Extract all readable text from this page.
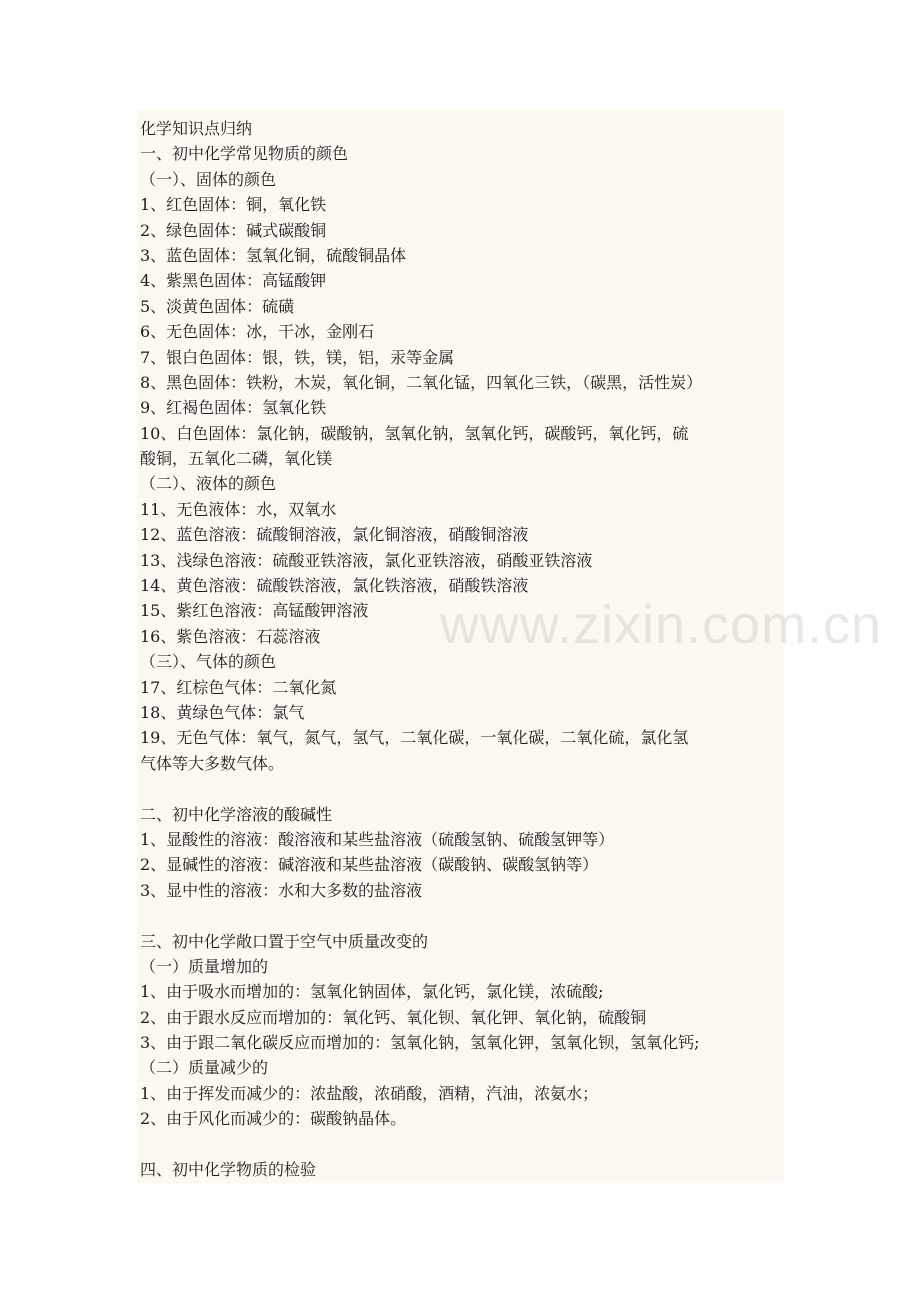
化学知识点归纳
一、初中化学常见物质的颜色
（一）、固体的颜色
1、红色固体：铜，氧化铁
2、绿色固体：碱式碳酸铜
3、蓝色固体：氢氧化铜，硫酸铜晶体
4、紫黑色固体：高锰酸钾
5、淡黄色固体：硫磺
6、无色固体：冰，干冰，金刚石
7、银白色固体：银，铁，镁，铝，汞等金属
8、黑色固体：铁粉，木炭，氧化铜，二氧化锰，四氧化三铁，（碳黑，活性炭）
9、红褐色固体：氢氧化铁
10、白色固体：氯化钠，碳酸钠，氢氧化钠，氢氧化钙，碳酸钙，氧化钙，硫
酸铜，五氧化二磷，氧化镁
（二）、液体的颜色
11、无色液体：水，双氧水
12、蓝色溶液：硫酸铜溶液，氯化铜溶液，硝酸铜溶液
13、浅绿色溶液：硫酸亚铁溶液，氯化亚铁溶液，硝酸亚铁溶液
14、黄色溶液：硫酸铁溶液，氯化铁溶液，硝酸铁溶液
15、紫红色溶液：高锰酸钾溶液
16、紫色溶液：石蕊溶液
（三）、气体的颜色
17、红棕色气体：二氧化氮
18、黄绿色气体：氯气
19、无色气体：氧气，氮气，氢气，二氧化碳，一氧化碳，二氧化硫，氯化氢
气体等大多数气体。
二、初中化学溶液的酸碱性
1、显酸性的溶液：酸溶液和某些盐溶液（硫酸氢钠、硫酸氢钾等）
2、显碱性的溶液：碱溶液和某些盐溶液（碳酸钠、碳酸氢钠等）
3、显中性的溶液：水和大多数的盐溶液
三、初中化学敞口置于空气中质量改变的
（一）质量增加的
1、由于吸水而增加的：氢氧化钠固体，氯化钙，氯化镁，浓硫酸;
2、由于跟水反应而增加的：氧化钙、氧化钡、氧化钾、氧化钠，硫酸铜
3、由于跟二氧化碳反应而增加的：氢氧化钠，氢氧化钾，氢氧化钡，氢氧化钙;
（二）质量减少的
1、由于挥发而减少的：浓盐酸，浓硝酸，酒精，汽油，浓氨水；
2、由于风化而减少的：碳酸钠晶体。
四、初中化学物质的检验
www.zixin.com.cn
